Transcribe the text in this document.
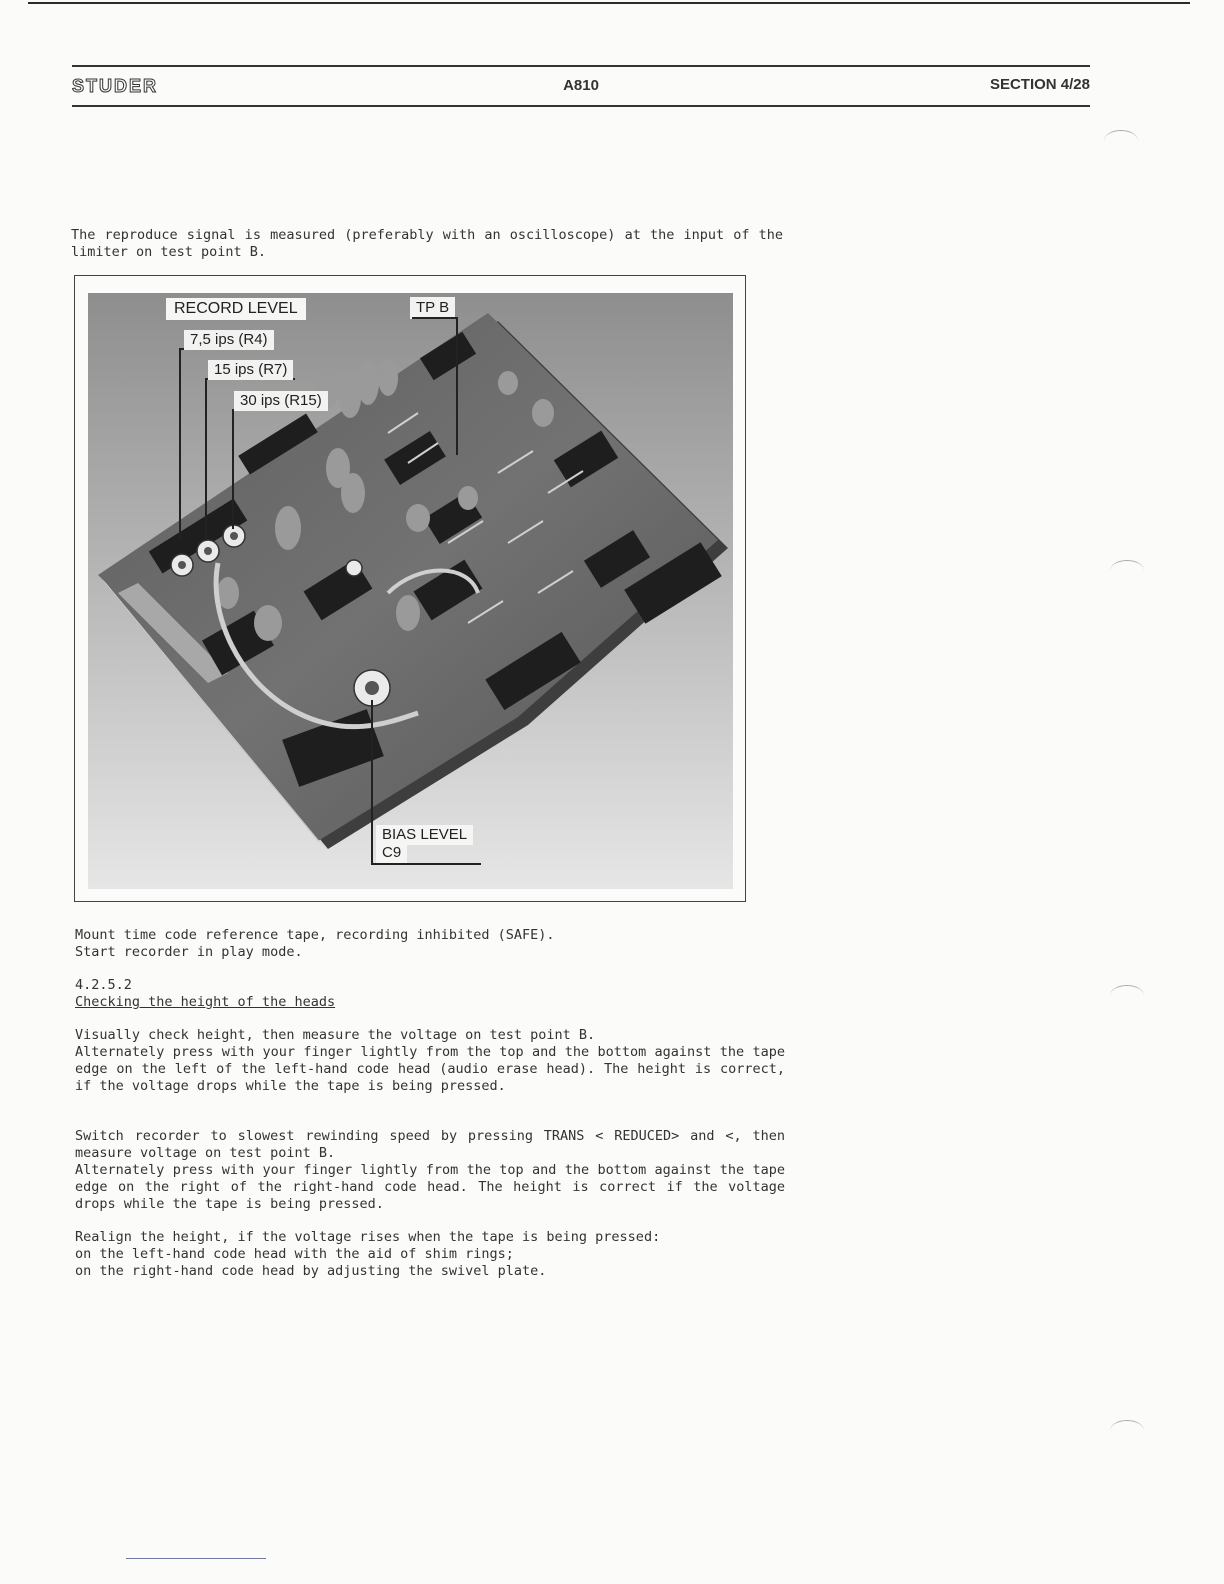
STUDER	A810	SECTION 4/28

The reproduce signal is measured (preferably with an oscilloscope) at the input of the limiter on test point B.

RECORD LEVEL
7,5 ips (R4)
15 ips (R7)
30 ips (R15)
TP B
BIAS LEVEL
C9

Mount time code reference tape, recording inhibited (SAFE).

Start recorder in play mode.

4.2.5.2

Checking the height of the heads

Visually check height, then measure the voltage on test point B.

Alternately press with your finger lightly from the top and the bottom against the tape edge on the left of the left-hand code head (audio erase head). The height is correct, if the voltage drops while the tape is being pressed.

Switch recorder to slowest rewinding speed by pressing TRANS < REDUCED> and <, then measure voltage on test point B.

Alternately press with your finger lightly from the top and the bottom against the tape edge on the right of the right-hand code head. The height is correct if the voltage drops while the tape is being pressed.

Realign the height, if the voltage rises when the tape is being pressed:

on the left-hand code head with the aid of shim rings;

on the right-hand code head by adjusting the swivel plate.
